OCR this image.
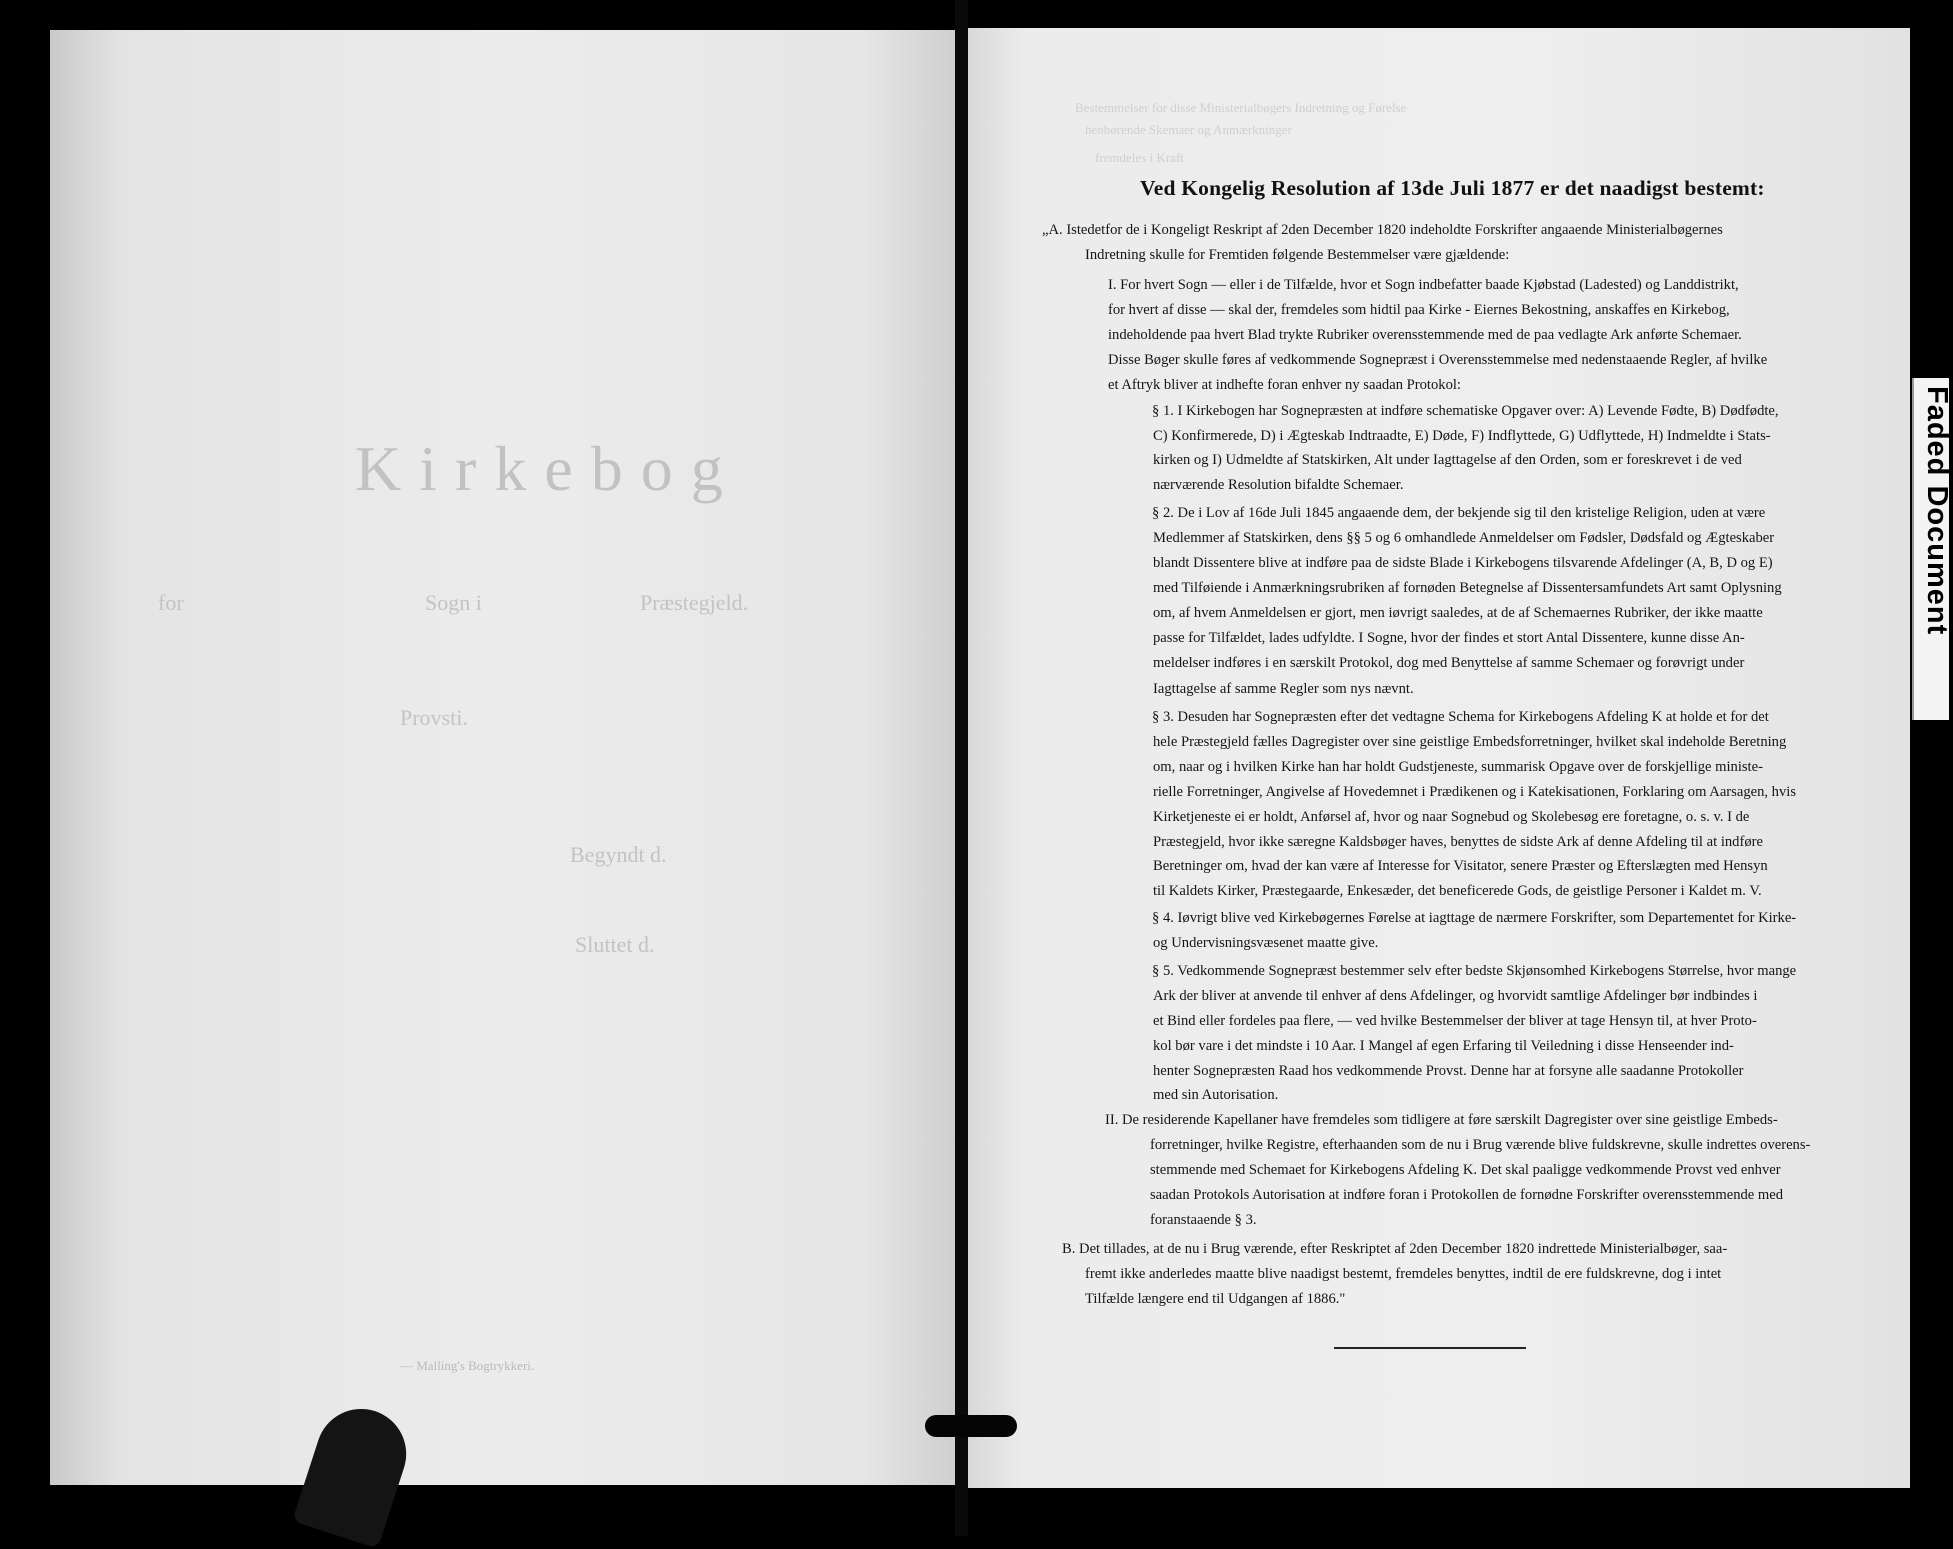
Kirkebog
for	Sogn i	Præstegjeld.
Provsti.
Begyndt d.
Sluttet d.
— Malling's Bogtrykkeri.
Bestemmelser for disse Ministerialbøgers Indretning og Førelse
henhørende Skemaer og Anmærkninger
fremdeles i Kraft
Ved Kongelig Resolution af 13de Juli 1877 er det naadigst bestemt:
„A. Istedetfor de i Kongeligt Reskript af 2den December 1820 indeholdte Forskrifter angaaende Ministerialbøgernes
Indretning skulle for Fremtiden følgende Bestemmelser være gjældende:
I. For hvert Sogn — eller i de Tilfælde, hvor et Sogn indbefatter baade Kjøbstad (Ladested) og Landdistrikt,
for hvert af disse — skal der, fremdeles som hidtil paa Kirke - Eiernes Bekostning, anskaffes en Kirkebog,
indeholdende paa hvert Blad trykte Rubriker overensstemmende med de paa vedlagte Ark anførte Schemaer.
Disse Bøger skulle føres af vedkommende Sognepræst i Overensstemmelse med nedenstaaende Regler, af hvilke
et Aftryk bliver at indhefte foran enhver ny saadan Protokol:
§ 1. I Kirkebogen har Sognepræsten at indføre schematiske Opgaver over: A) Levende Fødte, B) Dødfødte,
C) Konfirmerede, D) i Ægteskab Indtraadte, E) Døde, F) Indflyttede, G) Udflyttede, H) Indmeldte i Stats-
kirken og I) Udmeldte af Statskirken, Alt under Iagttagelse af den Orden, som er foreskrevet i de ved
nærværende Resolution bifaldte Schemaer.
§ 2. De i Lov af 16de Juli 1845 angaaende dem, der bekjende sig til den kristelige Religion, uden at være
Medlemmer af Statskirken, dens §§ 5 og 6 omhandlede Anmeldelser om Fødsler, Dødsfald og Ægteskaber
blandt Dissentere blive at indføre paa de sidste Blade i Kirkebogens tilsvarende Afdelinger (A, B, D og E)
med Tilføiende i Anmærkningsrubriken af fornøden Betegnelse af Dissentersamfundets Art samt Oplysning
om, af hvem Anmeldelsen er gjort, men iøvrigt saaledes, at de af Schemaernes Rubriker, der ikke maatte
passe for Tilfældet, lades udfyldte. I Sogne, hvor der findes et stort Antal Dissentere, kunne disse An-
meldelser indføres i en særskilt Protokol, dog med Benyttelse af samme Schemaer og forøvrigt under
Iagttagelse af samme Regler som nys nævnt.
§ 3. Desuden har Sognepræsten efter det vedtagne Schema for Kirkebogens Afdeling K at holde et for det
hele Præstegjeld fælles Dagregister over sine geistlige Embedsforretninger, hvilket skal indeholde Beretning
om, naar og i hvilken Kirke han har holdt Gudstjeneste, summarisk Opgave over de forskjellige ministe-
rielle Forretninger, Angivelse af Hovedemnet i Prædikenen og i Katekisationen, Forklaring om Aarsagen, hvis
Kirketjeneste ei er holdt, Anførsel af, hvor og naar Sognebud og Skolebesøg ere foretagne, o. s. v. I de
Præstegjeld, hvor ikke særegne Kaldsbøger haves, benyttes de sidste Ark af denne Afdeling til at indføre
Beretninger om, hvad der kan være af Interesse for Visitator, senere Præster og Efterslægten med Hensyn
til Kaldets Kirker, Præstegaarde, Enkesæder, det beneficerede Gods, de geistlige Personer i Kaldet m. V.
§ 4. Iøvrigt blive ved Kirkebøgernes Førelse at iagttage de nærmere Forskrifter, som Departementet for Kirke-
og Undervisningsvæsenet maatte give.
§ 5. Vedkommende Sognepræst bestemmer selv efter bedste Skjønsomhed Kirkebogens Størrelse, hvor mange
Ark der bliver at anvende til enhver af dens Afdelinger, og hvorvidt samtlige Afdelinger bør indbindes i
et Bind eller fordeles paa flere, — ved hvilke Bestemmelser der bliver at tage Hensyn til, at hver Proto-
kol bør vare i det mindste i 10 Aar. I Mangel af egen Erfaring til Veiledning i disse Henseender ind-
henter Sognepræsten Raad hos vedkommende Provst. Denne har at forsyne alle saadanne Protokoller
med sin Autorisation.
II. De residerende Kapellaner have fremdeles som tidligere at føre særskilt Dagregister over sine geistlige Embeds-
forretninger, hvilke Registre, efterhaanden som de nu i Brug værende blive fuldskrevne, skulle indrettes overens-
stemmende med Schemaet for Kirkebogens Afdeling K. Det skal paaligge vedkommende Provst ved enhver
saadan Protokols Autorisation at indføre foran i Protokollen de fornødne Forskrifter overensstemmende med
foranstaaende § 3.
B. Det tillades, at de nu i Brug værende, efter Reskriptet af 2den December 1820 indrettede Ministerialbøger, saa-
fremt ikke anderledes maatte blive naadigst bestemt, fremdeles benyttes, indtil de ere fuldskrevne, dog i intet
Tilfælde længere end til Udgangen af 1886."
Faded Document
